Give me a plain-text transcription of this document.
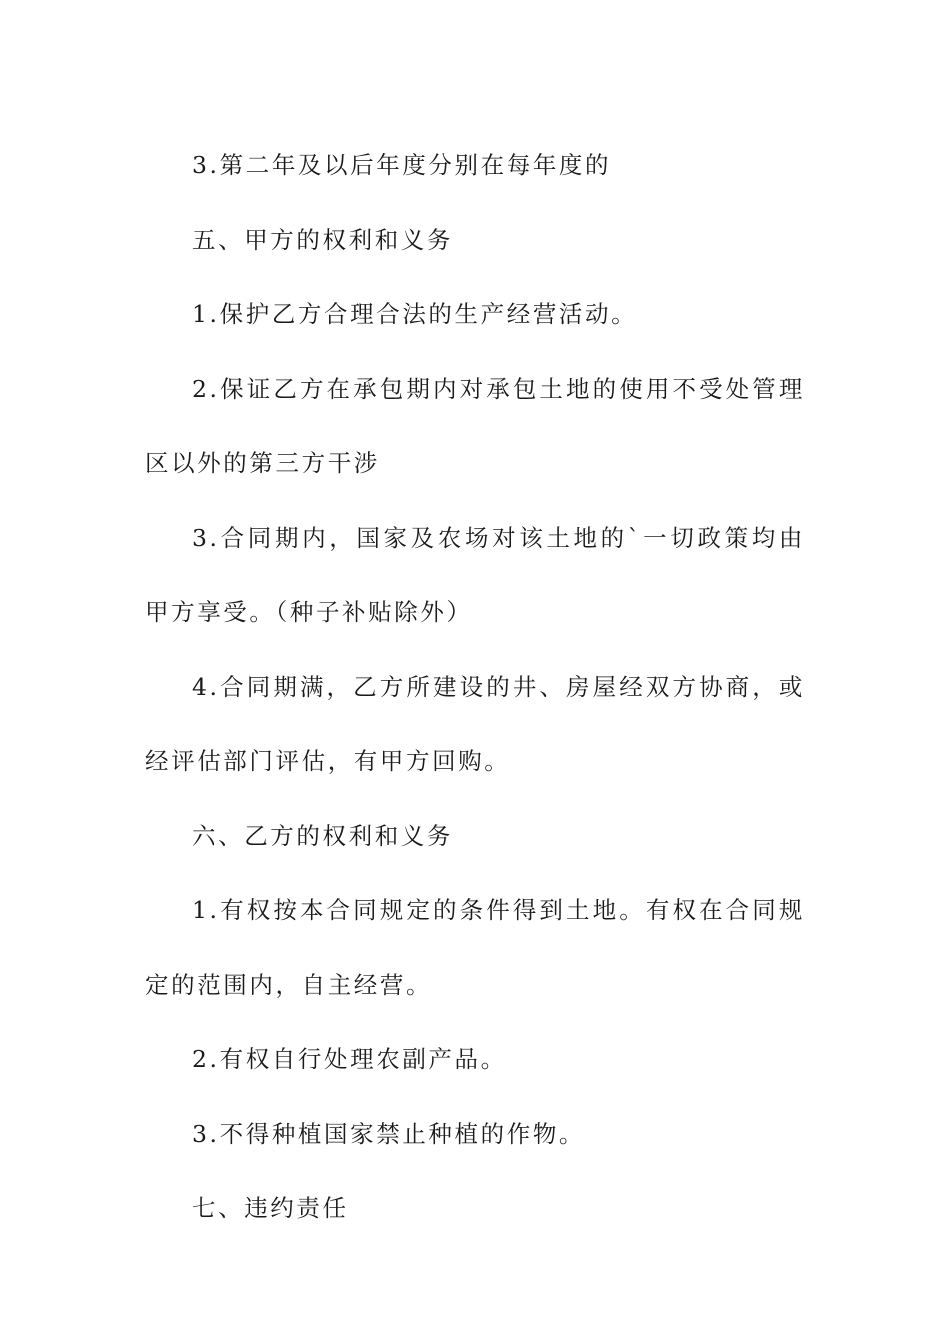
3.第二年及以后年度分别在每年度的

五、甲方的权利和义务

1.保护乙方合理合法的生产经营活动。

2.保证乙方在承包期内对承包土地的使用不受处管理区以外的第三方干涉

3.合同期内，国家及农场对该土地的`一切政策均由甲方享受。（种子补贴除外）

4.合同期满，乙方所建设的井、房屋经双方协商，或经评估部门评估，有甲方回购。

六、乙方的权利和义务

1.有权按本合同规定的条件得到土地。有权在合同规定的范围内，自主经营。

2.有权自行处理农副产品。

3.不得种植国家禁止种植的作物。

七、违约责任
